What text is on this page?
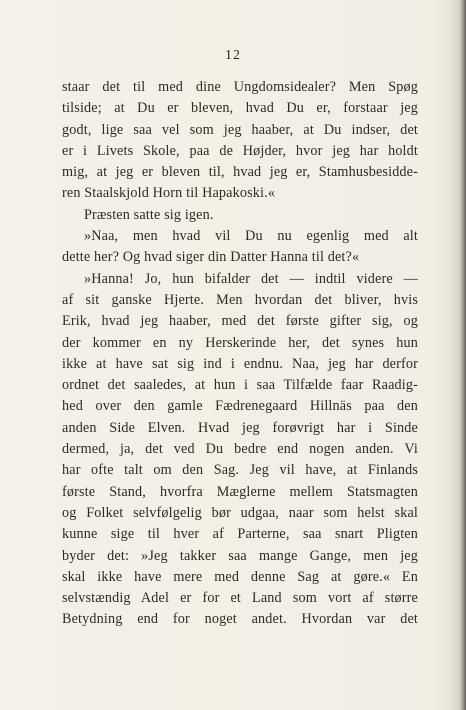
12
staar det til med dine Ungdomsidealer? Men Spøg
tilside; at Du er bleven, hvad Du er, forstaar jeg
godt, lige saa vel som jeg haaber, at Du indser, det
er i Livets Skole, paa de Højder, hvor jeg har holdt
mig, at jeg er bleven til, hvad jeg er, Stamhusbesidde-
ren Staalskjold Horn til Hapakoski.«
Præsten satte sig igen.
»Naa, men hvad vil Du nu egenlig med alt
dette her? Og hvad siger din Datter Hanna til det?«
»Hanna! Jo, hun bifalder det — indtil videre —
af sit ganske Hjerte. Men hvordan det bliver, hvis
Erik, hvad jeg haaber, med det første gifter sig, og
der kommer en ny Herskerinde her, det synes hun
ikke at have sat sig ind i endnu. Naa, jeg har derfor
ordnet det saaledes, at hun i saa Tilfælde faar Raadig-
hed over den gamle Fædrenegaard Hillnäs paa den
anden Side Elven. Hvad jeg forøvrigt har i Sinde
dermed, ja, det ved Du bedre end nogen anden. Vi
har ofte talt om den Sag. Jeg vil have, at Finlands
første Stand, hvorfra Mæglerne mellem Statsmagten
og Folket selvfølgelig bør udgaa, naar som helst skal
kunne sige til hver af Parterne, saa snart Pligten
byder det: »Jeg takker saa mange Gange, men jeg
skal ikke have mere med denne Sag at gøre.« En
selvstændig Adel er for et Land som vort af større
Betydning end for noget andet. Hvordan var det
